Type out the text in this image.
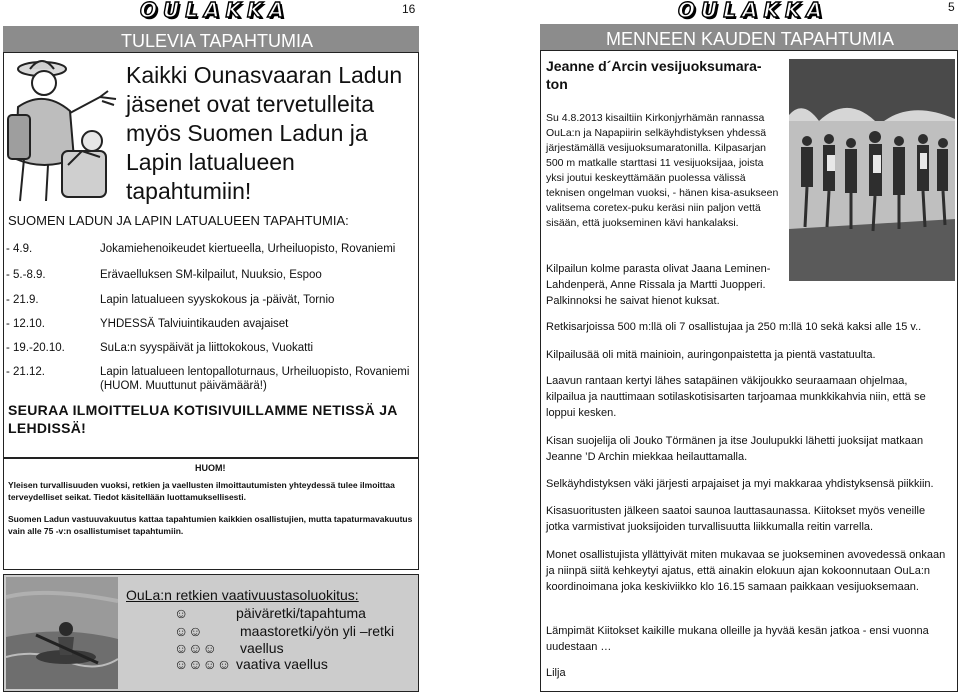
OULAKKA	16
TULEVIA TAPAHTUMIA
Kaikki Ounasvaaran Ladun jäsenet ovat tervetulleita myös Suomen Ladun ja Lapin latualueen tapahtumiin!
SUOMEN LADUN JA LAPIN LATUALUEEN TAPAHTUMIA:
- 4.9.	Jokamiehenoikeudet kiertueella, Urheiluopisto, Rovaniemi
- 5.-8.9.	Erävaelluksen SM-kilpailut, Nuuksio, Espoo
- 21.9.	Lapin latualueen syyskokous ja -päivät, Tornio
- 12.10.	YHDESSÄ Talviuintikauden avajaiset
- 19.-20.10.	SuLa:n syyspäivät ja liittokokous, Vuokatti
- 21.12.	Lapin latualueen lentopalloturnaus, Urheiluopisto, Rovaniemi (HUOM. Muuttunut päivämäärä!)
SEURAA ILMOITTELUA KOTISIVUILLAMME NETISSÄ JA LEHDISSÄ!
HUOM!
Yleisen turvallisuuden vuoksi, retkien ja vaellusten ilmoittautumisten yhteydessä tulee ilmoittaa terveydelliset seikat. Tiedot käsitellään luottamuksellisesti.
Suomen Ladun vastuuvakuutus kattaa tapahtumien kaikkien osallistujien, mutta tapaturmavakuutus vain alle 75 -v:n osallistumiset tapahtumiin.
OuLa:n retkien vaativuustasoluokitus:
☺	päiväretki/tapahtuma
☺☺	maastoretki/yön yli –retki
☺☺☺ vaellus
☺☺☺☺ vaativa vaellus
OULAKKA	5
MENNEEN KAUDEN TAPAHTUMIA
Jeanne d´Arcin vesijuoksumaraton
Su 4.8.2013 kisailtiin Kirkonjyrhämän rannassa OuLa:n ja Napapiirin selkäyhdistyksen yhdessä järjestämällä vesijuoksumaratonilla. Kilpasarjan 500 m matkalle starttasi 11 vesijuoksijaa, joista yksi joutui keskeyttämään puolessa välissä teknisen ongelman vuoksi, - hänen kisa-asukseen valitsema coretex-puku keräsi niin paljon vettä sisään, että juokseminen kävi hankalaksi.
Kilpailun kolme parasta olivat Jaana Leminen-Lahdenperä, Anne Rissala ja Martti Juopperi. Palkinnoksi he saivat hienot kuksat.
Retkisarjoissa 500 m:llä oli 7 osallistujaa ja 250 m:llä 10 sekä kaksi alle 15 v..
Kilpailusää oli mitä mainioin, auringonpaistetta ja pientä vastatuulta.
Laavun rantaan kertyi lähes satapäinen väkijoukko seuraamaan ohjelmaa, kilpailua ja nauttimaan sotilaskotisisarten tarjoamaa munkkikahvia niin, että se loppui kesken.
Kisan suojelija oli Jouko Törmänen ja itse Joulupukki lähetti juoksijat matkaan Jeanne ’D Archin miekkaa heilauttamalla.
Selkäyhdistyksen väki järjesti arpajaiset ja myi makkaraa yhdistyksensä piikkiin.
Kisasuoritusten jälkeen saatoi saunoa lauttasaunassa. Kiitokset myös veneille jotka varmistivat juoksijoiden turvallisuutta liikkumalla reitin varrella.
Monet osallistujista yllättyivät miten mukavaa se juokseminen avovedessä onkaan ja niinpä siitä kehkeytyi ajatus, että ainakin elokuun ajan kokoonnutaan OuLa:n koordinoimana joka keskiviikko klo 16.15 samaan paikkaan vesijuoksemaan.
Lämpimät Kiitokset kaikille mukana olleille ja hyvää kesän jatkoa - ensi vuonna uudestaan …
Lilja
